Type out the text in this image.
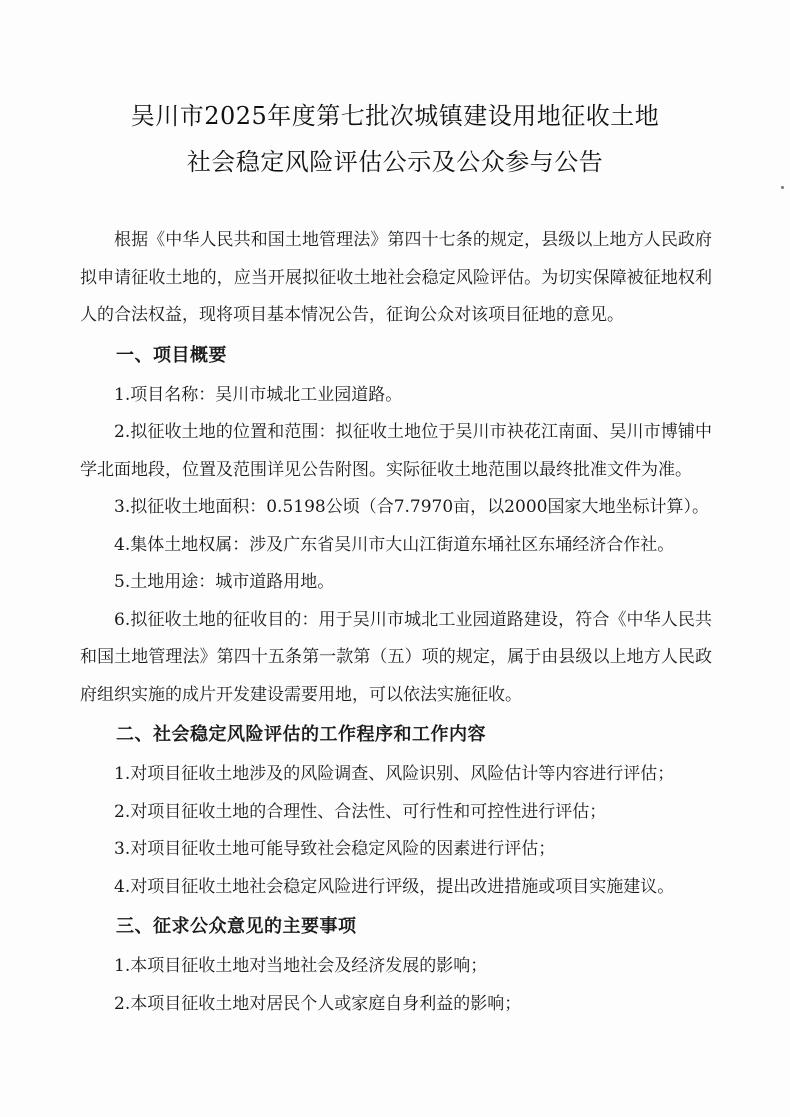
吴川市2025年度第七批次城镇建设用地征收土地
社会稳定风险评估公示及公众参与公告

根据《中华人民共和国土地管理法》第四十七条的规定，县级以上地方人民政府拟申请征收土地的，应当开展拟征收土地社会稳定风险评估。为切实保障被征地权利人的合法权益，现将项目基本情况公告，征询公众对该项目征地的意见。

一、项目概要

1.项目名称：吴川市城北工业园道路。

2.拟征收土地的位置和范围：拟征收土地位于吴川市袂花江南面、吴川市博铺中学北面地段，位置及范围详见公告附图。实际征收土地范围以最终批准文件为准。

3.拟征收土地面积：0.5198公顷（合7.7970亩，以2000国家大地坐标计算）。

4.集体土地权属：涉及广东省吴川市大山江街道东埇社区东埇经济合作社。

5.土地用途：城市道路用地。

6.拟征收土地的征收目的：用于吴川市城北工业园道路建设，符合《中华人民共和国土地管理法》第四十五条第一款第（五）项的规定，属于由县级以上地方人民政府组织实施的成片开发建设需要用地，可以依法实施征收。

二、社会稳定风险评估的工作程序和工作内容

1.对项目征收土地涉及的风险调查、风险识别、风险估计等内容进行评估；

2.对项目征收土地的合理性、合法性、可行性和可控性进行评估；

3.对项目征收土地可能导致社会稳定风险的因素进行评估；

4.对项目征收土地社会稳定风险进行评级，提出改进措施或项目实施建议。

三、征求公众意见的主要事项

1.本项目征收土地对当地社会及经济发展的影响；

2.本项目征收土地对居民个人或家庭自身利益的影响；
